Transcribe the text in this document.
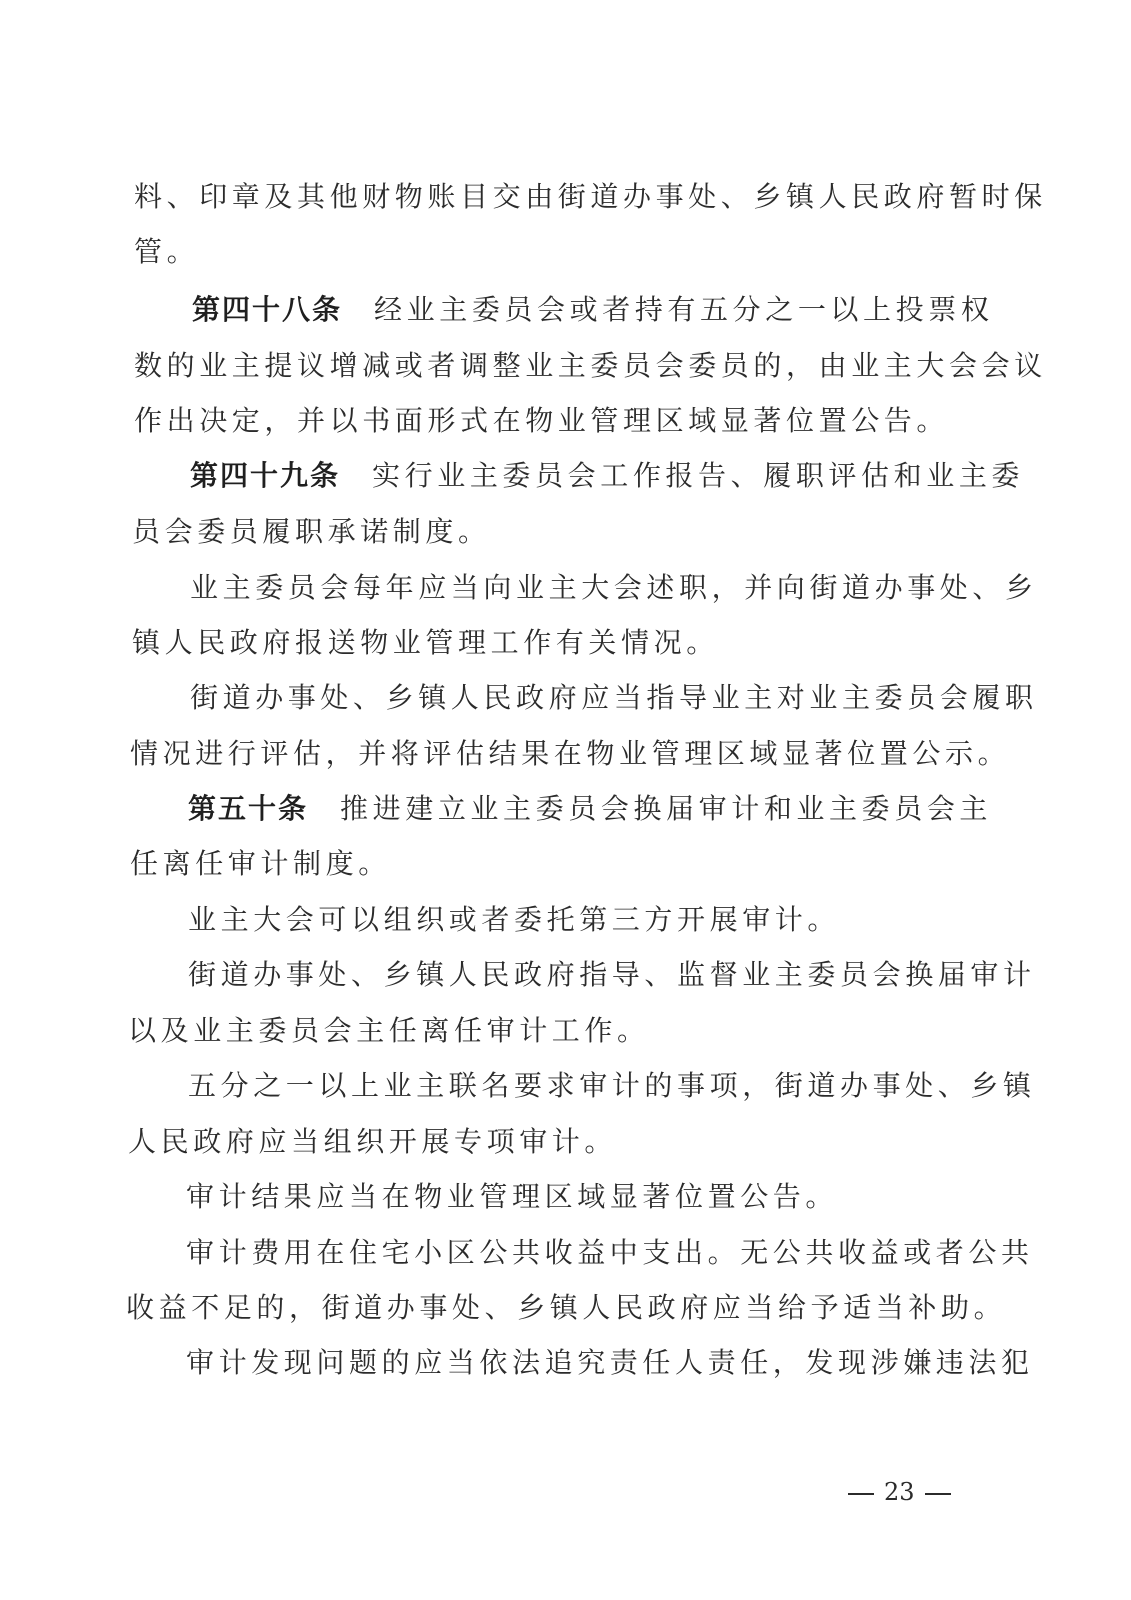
料、印章及其他财物账目交由街道办事处、乡镇人民政府暂时保
管。
第四十八条 经业主委员会或者持有五分之一以上投票权
数的业主提议增减或者调整业主委员会委员的，由业主大会会议
作出决定，并以书面形式在物业管理区域显著位置公告。
第四十九条 实行业主委员会工作报告、履职评估和业主委
员会委员履职承诺制度。
业主委员会每年应当向业主大会述职，并向街道办事处、乡
镇人民政府报送物业管理工作有关情况。
街道办事处、乡镇人民政府应当指导业主对业主委员会履职
情况进行评估，并将评估结果在物业管理区域显著位置公示。
第五十条 推进建立业主委员会换届审计和业主委员会主
任离任审计制度。
业主大会可以组织或者委托第三方开展审计。
街道办事处、乡镇人民政府指导、监督业主委员会换届审计
以及业主委员会主任离任审计工作。
五分之一以上业主联名要求审计的事项，街道办事处、乡镇
人民政府应当组织开展专项审计。
审计结果应当在物业管理区域显著位置公告。
审计费用在住宅小区公共收益中支出。无公共收益或者公共
收益不足的，街道办事处、乡镇人民政府应当给予适当补助。
审计发现问题的应当依法追究责任人责任，发现涉嫌违法犯
23
